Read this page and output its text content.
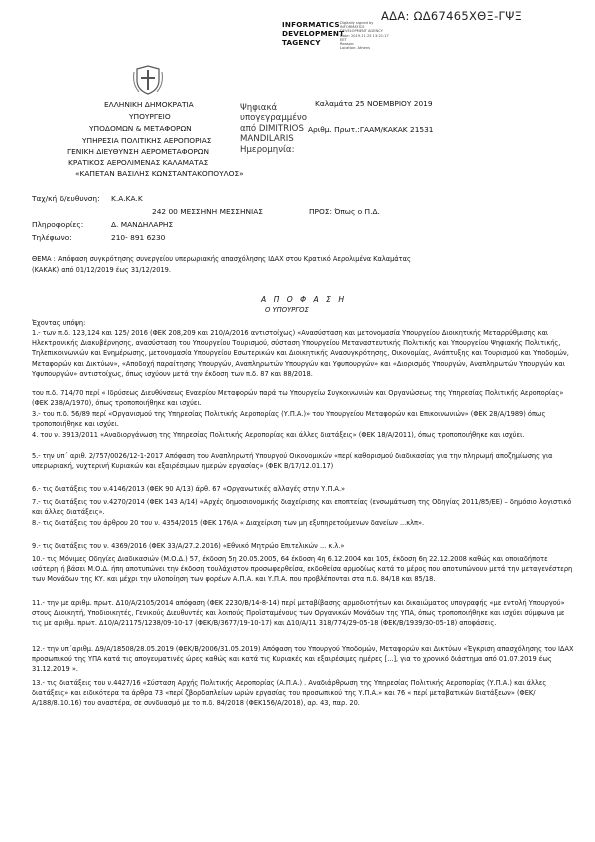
ΑΔΑ: ΩΔ67465ΧΘΞ-ΓΨΞ
INFORMATICS
DEVELOPMENT
TAGENCY
Digitally signed by
INFORMATICS
DEVELOPMENT AGENCY
Date: 2019.11.25 13:21:17
EET
Reason:
Location: Athens
ΕΛΛΗΝΙΚΗ ΔΗΜΟΚΡΑΤΙΑ
ΥΠΟΥΡΓΕΙΟ
ΥΠΟΔΟΜΩΝ & ΜΕΤΑΦΟΡΩΝ
ΥΠΗΡΕΣΙΑ ΠΟΛΙΤΙΚΗΣ ΑΕΡΟΠΟΡΙΑΣ
ΓΕΝΙΚΗ ΔΙΕΥΘΥΝΣΗ ΑΕΡΟΜΕΤΑΦΟΡΩΝ
ΚΡΑΤΙΚΟΣ ΑΕΡΟΛΙΜΕΝΑΣ ΚΑΛΑΜΑΤΑΣ
«ΚΑΠΕΤΑΝ ΒΑΣΙΛΗΣ ΚΩΝΣΤΑΝΤΑΚΟΠΟΥΛΟΣ»
Ψηφιακά
υπογεγραμμένο
από DIMITRIOS
MANDILARIS
Ημερομηνία:
Καλαμάτα 25 ΝΟΕΜΒΡΙΟΥ 2019
Αριθμ. Πρωτ.:ΓΑΑΜ/ΚΑΚΑΚ 21531
Ταχ/κή δ/ευθυνση: Κ.Α.ΚΑ.Κ
242 00 ΜΕΣΣΗΝΗ ΜΕΣΣΗΝΙΑΣ	ΠΡΟΣ: Όπως ο Π.Δ.
Πληροφορίες:	Δ. ΜΑΝΔΗΛΑΡΗΣ
Τηλέφωνο:	210- 891 6230
ΘΕΜΑ : Απόφαση συγκρότησης συνεργείου υπερωριακής απασχόλησης ΙΔΑΧ στου Κρατικό Αερολιμένα Καλαμάτας
(ΚΑΚΑΚ) από 01/12/2019 έως 31/12/2019.
Α Π Ο Φ Α Σ Η
Ο ΥΠΟΥΡΓΟΣ
Έχοντας υπόψη:
1.- των π.δ. 123,124 και 125/ 2016 (ΦΕΚ 208,209 και 210/Α/2016 αντιστοίχως) «Ανασύσταση και μετονομασία Υπουργείου Διοικητικής Μεταρρύθμισης και Ηλεκτρονικής Διακυβέρνησης, ανασύσταση του Υπουργείου Τουρισμού, σύσταση Υπουργείου Μεταναστευτικής Πολιτικής και Υπουργείου Ψηφιακής Πολιτικής, Τηλεπικοινωνιών και Ενημέρωσης, μετονομασία Υπουργείου Εσωτερικών και Διοικητικής Ανασυγκρότησης, Οικονομίας, Ανάπτυξης και Τουρισμού και Υποδομών, Μεταφορών και Δικτύων», «Αποδοχή παραίτησης Υπουργών, Αναπληρωτών Υπουργών και Υφυπουργών» και «Διορισμός Υπουργών, Αναπληρωτών Υπουργών και Υφυπουργών» αντιστοίχως, όπως ισχύουν μετά την έκδοση των π.δ. 87 και 88/2018.
του π.δ. 714/70 περί « Ιδρύσεως Διευθύνσεως Εναερίου Μεταφορών παρά τω Υπουργείω Συγκοινωνιών και Οργανώσεως της Υπηρεσίας Πολιτικής Αεροπορίας» (ΦΕΚ 238/Α/1970), όπως τροποποιήθηκε και ισχύει.
3.- του π.δ. 56/89 περί «Οργανισμού της Υπηρεσίας Πολιτικής Αεροπορίας (Υ.Π.Α.)» του Υπουργείου Μεταφορών και Επικοινωνιών» (ΦΕΚ 28/Α/1989) όπως τροποποιήθηκε και ισχύει.
4. του ν. 3913/2011 «Αναδιοργάνωση της Υπηρεσίας Πολιτικής Αεροπορίας και άλλες διατάξεις» (ΦΕΚ 18/Α/2011), όπως τροποποιήθηκε και ισχύει.
5.- την υπ΄ αριθ. 2/757/0026/12-1-2017 Απόφαση του Αναπληρωτή Υπουργού Οικονομικών «περί καθορισμού διαδικασίας για την πληρωμή αποζημίωσης για υπερωριακή, νυχτερινή Κυριακών και εξαιρέσιμων ημερών εργασίας» (ΦΕΚ Β/17/12.01.17)
6.- τις διατάξεις του ν.4146/2013 (ΦΕΚ 90 Α/13) άρθ. 67 «Οργανωτικές αλλαγές στην Υ.Π.Α.»
7.- τις διατάξεις του ν.4270/2014 (ΦΕΚ 143 Α/14) «Αρχές δημοσιονομικής διαχείρισης και εποπτείας (ενσωμάτωση της Οδηγίας 2011/85/ΕΕ) – δημόσιο λογιστικό και άλλες διατάξεις».
8.- τις διατάξεις του άρθρου 20 του ν. 4354/2015 (ΦΕΚ 176/Α « Διαχείριση των μη εξυπηρετούμενων δανείων ...κλπ».
9.- τις διατάξεις του ν. 4369/2016 (ΦΕΚ 33/Α/27.2.2016) «Εθνικό Μητρώο Επιτελικών ... κ.λ.»
10.- τις Μόνιμες Οδηγίες Διαδικασιών (Μ.Ο.Δ.) 57, έκδοση 5η 20.05.2005, 64 έκδοση 4η 6.12.2004 και 105, έκδοση 6η 22.12.2008 καθώς και οποιαδήποτε ισότερη ή βάσει Μ.Ο.Δ. ήπη αποτυπώνει την έκδοση τουλάχιστον προσωφερθείσα, εκδοθείσα αρμοδίως κατά το μέρος που αποτυπώνουν μετά την μεταγενέστερη των Μονάδων της ΚΥ. και μέχρι την υλοποίηση των φορέων Α.Π.Α. και Υ.Π.Α. που προβλέπονται στα π.δ. 84/18 και 85/18.
11.- την με αριθμ. πρωτ. Δ10/Α/2105/2014 απόφαση (ΦΕΚ 2230/Β/14-8-14) περί μεταβίβασης αρμοδιοτήτων και δικαιώματος υπογραφής «με εντολή Υπουργού» στους Διοικητή, Υποδιοικητές, Γενικούς Διευθυντές και λοιπούς Προϊσταμένους των Οργανικών Μονάδων της ΥΠΑ, όπως τροποποιήθηκε και ισχύει σύμφωνα με τις με αριθμ. πρωτ. Δ10/Α/21175/1238/09-10-17 (ΦΕΚ/Β/3677/19-10-17) και Δ10/Α/11 318/774/29-05-18 (ΦΕΚ/Β/1939/30-05-18) αποφάσεις.
12.- την υπ΄αριθμ. Δ9/Α/18508/28.05.2019 (ΦΕΚ/Β/2006/31.05.2019) Απόφαση του Υπουργού Υποδομών, Μεταφορών και Δικτύων «Έγκριση απασχόλησης του ΙΔΑΧ προσωπικού της ΥΠΑ κατά τις απογευματινές ώρες καθώς και κατά τις Κυριακές και εξαιρέσιμες ημέρες [...], για το χρονικό διάστημα από 01.07.2019 έως 31.12.2019 ».
13.- τις διατάξεις του ν.4427/16 «Σύσταση Αρχής Πολιτικής Αεροπορίας (Α.Π.Α.) . Αναδιάρθρωση της Υπηρεσίας Πολιτικής Αεροπορίας (Υ.Π.Α.) και άλλες διατάξεις» και ειδικότερα τα άρθρα 73 «περί ζβορδαπλείων ωρών εργασίας του προσωπικού της Υ.Π.Α.» και 76 « περί μεταβατικών διατάξεων» (ΦΕΚ/Α/188/8.10.16) του αναστέρα, σε συνδυασμό με το π.δ. 84/2018 (ΦΕΚ156/Α/2018), αρ. 43, παρ. 20.
